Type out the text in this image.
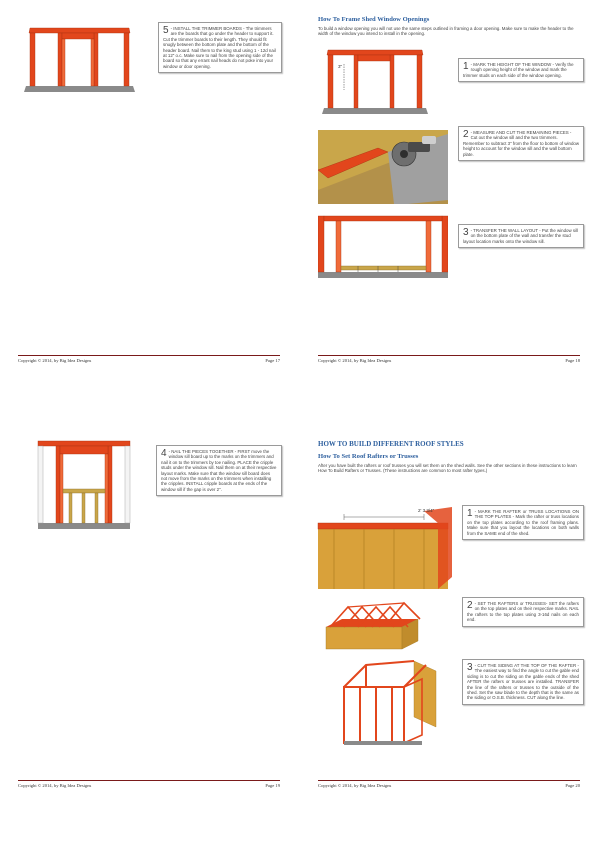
5 - INSTALL THE TRIMMER BOARDS - The trimmers are the boards that go under the header to support it. Cut the trimmer boards to their length. They should fit snugly between the bottom plate and the bottom of the header board. Nail them to the king stud using 1 - 12d nail at 12" o.c. Make sure to nail from the opening side of the board so that any errant nail heads do not poke into your window or door opening.
Copyright © 2014, by Big Idea Designs	Page 17
How To Frame Shed Window Openings
To build a window opening you will not use the same steps outlined in framing a door opening. Make sure to make the header to the width of the window you intend to install in the opening.
3"	1 - MARK THE HEIGHT OF THE WINDOW - Verify the rough opening height of the window and mark the trimmer studs on each side of the window opening.
2 - MEASURE AND CUT THE REMAINING PIECES - Cut out the window sill and the two trimmers. Remember to subtract 3" from the floor to bottom of window height to account for the window sill and the wall bottom plate.
3 - TRANSFER THE WALL LAYOUT - Put the window sill on the bottom plate of the wall and transfer the stud layout location marks onto the window sill.
Copyright © 2014, by Big Idea Designs	Page 18
4 - NAIL THE PIECES TOGETHER - FIRST move the window sill board up to the marks on the trimmers and nail it on to the trimmers by toe nailing. PLACE the cripple studs under the window sill. Nail them on at their respective layout marks. Make sure that the window sill board does not move from the marks on the trimmers when installing the cripples. INSTALL cripple boards at the ends of the window sill if the gap is over 2".
Copyright © 2014, by Big Idea Designs	Page 19
HOW TO BUILD DIFFERENT ROOF STYLES
How To Set Roof Rafters or Trusses
After you have built the rafters or roof trusses you will set them on the shed walls. See the other sections in these instructions to learn How To Build Rafters or Trusses. (These instructions are common to most rafter types.)
2' 3 3/4"	1 - MARK THE RAFTER or TRUSS LOCATIONS ON THE TOP PLATES - Mark the rafter or truss locations on the top plates according to the roof framing plans. Make sure that you layout the locations on both walls from the SAME end of the shed.
2 - SET THE RAFTERS or TRUSSES- SET the rafters on the top plates and on their respective marks. NAIL the rafters to the top plates using 3-16d nails on each end.
3 - CUT THE SIDING AT THE TOP OF THE RAFTER - The easiest way to find the angle to cut the gable end siding is to cut the siding on the gable ends of the shed AFTER the rafters or trusses are installed. TRANSFER the line of the rafters or trusses to the outside of the shed. Set the saw blade to the depth that is the same as the siding or O.S.B. thickness. CUT along the line.
Copyright © 2014, by Big Idea Designs	Page 20
